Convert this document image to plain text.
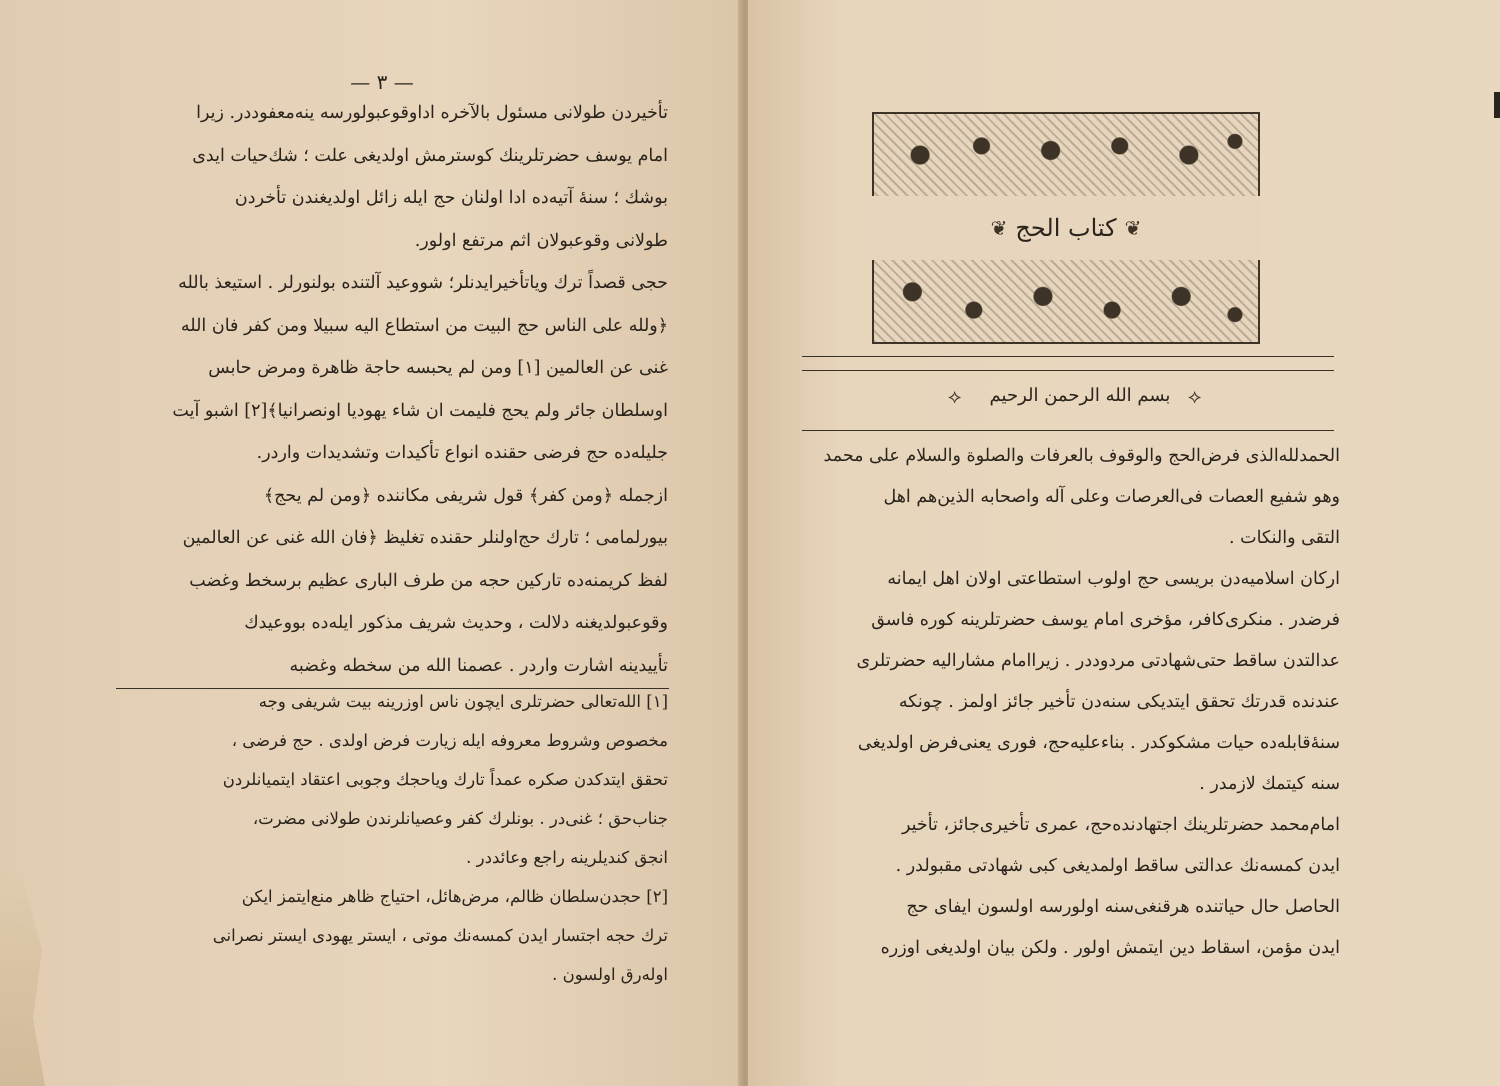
— ٣ —
تأخیردن طولانی مسئول بالآخره اداوقوعبولورسه ینه‌معفوددر. زیرا
امام یوسف حضرتلرینك كوسترمش اولدیغی علت ؛ شك‌حیات ایدی
بوشك ؛ سنهٔ آتیه‌ده ادا اولنان حج ایله زائل اولدیغندن تأخردن
طولانی وقوعبولان اثم مرتفع اولور.
حجی قصداً ترك ویاتأخیرایدنلر؛ شووعید آلتنده بولنورلر . استیعذ بالله
﴿ولله علی الناس حج البیت من استطاع الیه سبیلا ومن کفر فان الله
غنی عن العالمین [١] ومن لم یحبسه حاجة ظاهرة ومرض حابس
اوسلطان جائر ولم یحج فلیمت ان شاء یهودیا اونصرانیا﴾[٢] اشبو آیت
جلیله‌ده حج فرضی حقنده انواع تأکیدات وتشدیدات واردر.
ازجمله ﴿ومن کفر﴾ قول شریفی مکاننده ﴿ومن لم یحج﴾
بیورلمامی ؛ تارك حج‌اولنلر حقنده تغلیظ ﴿فان الله غنی عن العالمین
لفظ کریمنه‌ده تارکین حجه من طرف الباری عظیم برسخط وغضب
وقوعبولدیغنه دلالت ، وحدیث شریف مذکور ایله‌ده بووعیدك
تأییدینه اشارت واردر . عصمنا الله من سخطه وغضبه
[١] الله‌تعالی حضرتلری ایچون ناس اوزرینه بیت شریفی وجه
مخصوص وشروط معروفه ایله زیارت فرض اولدی . حج فرضی ،
تحقق ایتدکدن صکره عمداً تارك ویاحجك وجوبی اعتقاد ایتمیانلردن
جناب‌حق ؛ غنی‌در . بونلرك کفر وعصیانلرندن طولانی مضرت،
انجق کندیلرینه راجع وعائددر .
[٢] حجدن‌سلطان ظالم، مرض‌هائل، احتیاج ظاهر منع‌ایتمز ایکن
ترك حجه اجتسار ایدن کمسه‌نك موتی ، ایستر یهودی ایستر نصرانی
اوله‌رق اولسون .
❦
کتاب الحج
❦
⟡	بسم الله الرحمن الرحیم ⟡
الحمدلله‌الذی فرض‌الحج والوقوف بالعرفات والصلوة والسلام علی محمد
وهو شفیع العصات فی‌العرصات وعلی آله واصحابه الذین‌هم اهل
التقی والنکات .
ارکان اسلامیه‌دن بریسی حج اولوب استطاعتی اولان اهل ایمانه
فرضدر . منکری‌کافر، مؤخری امام یوسف حضرتلرینه کوره فاسق
عدالتدن ساقط حتی‌شهادتی مردوددر . زیراامام مشارالیه حضرتلری
عندنده قدرتك تحقق ایتدیکی سنه‌دن تأخیر جائز اولمز . چونکه
سنهٔ‌قابله‌ده حیات مشکوکدر . بناءعلیه‌حج، فوری یعنی‌فرض اولدیغی
سنه کیتمك لازمدر .
امام‌محمد حضرتلرینك اجتهادنده‌حج، عمری تأخیری‌جائز، تأخیر
ایدن کمسه‌نك عدالتی ساقط اولمدیغی کبی شهادتی مقبولدر .
الحاصل حال حیاتنده هرقنغی‌سنه اولورسه اولسون ایفای حج
ایدن مؤمن، اسقاط دین ایتمش اولور . ولکن بیان اولدیغی اوزره
